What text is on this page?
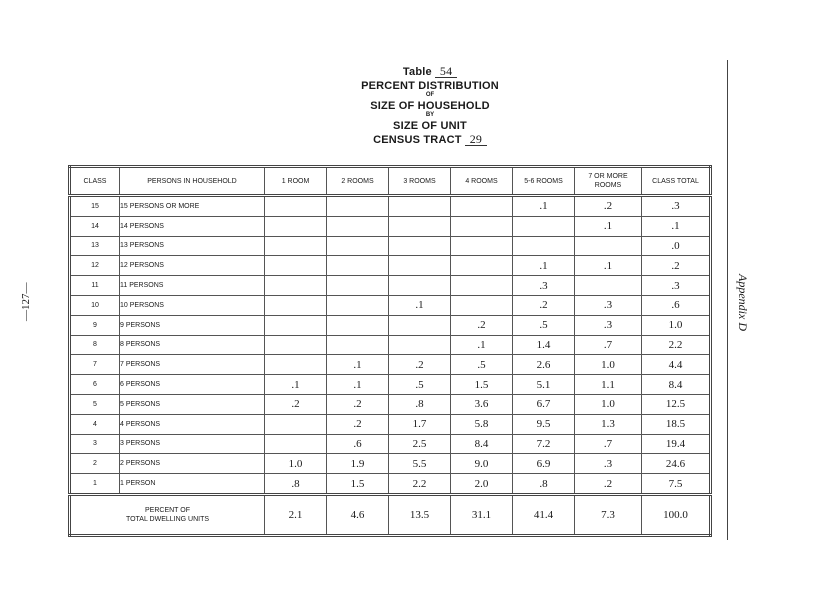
Table 54
PERCENT DISTRIBUTION
OF
SIZE OF HOUSEHOLD
BY
SIZE OF UNIT
CENSUS TRACT 29
—127—	Appendix D
CLASS	PERSONS IN HOUSEHOLD	1 ROOM	2 ROOMS	3 ROOMS	4 ROOMS	5-6 ROOMS	7 OR MORE ROOMS	CLASS TOTAL
15	15 PERSONS OR MORE					.1	.2	.3
14	14 PERSONS						.1	.1
13	13 PERSONS							.0
12	12 PERSONS					.1	.1	.2
11	11 PERSONS					.3		.3
10	10 PERSONS			.1		.2	.3	.6
9	9 PERSONS				.2	.5	.3	1.0
8	8 PERSONS				.1	1.4	.7	2.2
7	7 PERSONS		.1	.2	.5	2.6	1.0	4.4
6	6 PERSONS	.1	.1	.5	1.5	5.1	1.1	8.4
5	5 PERSONS	.2	.2	.8	3.6	6.7	1.0	12.5
4	4 PERSONS		.2	1.7	5.8	9.5	1.3	18.5
3	3 PERSONS		.6	2.5	8.4	7.2	.7	19.4
2	2 PERSONS	1.0	1.9	5.5	9.0	6.9	.3	24.6
1	1 PERSON	.8	1.5	2.2	2.0	.8	.2	7.5

PERCENT OF
TOTAL DWELLING UNITS		2.1	4.6	13.5	31.1	41.4	7.3	100.0
